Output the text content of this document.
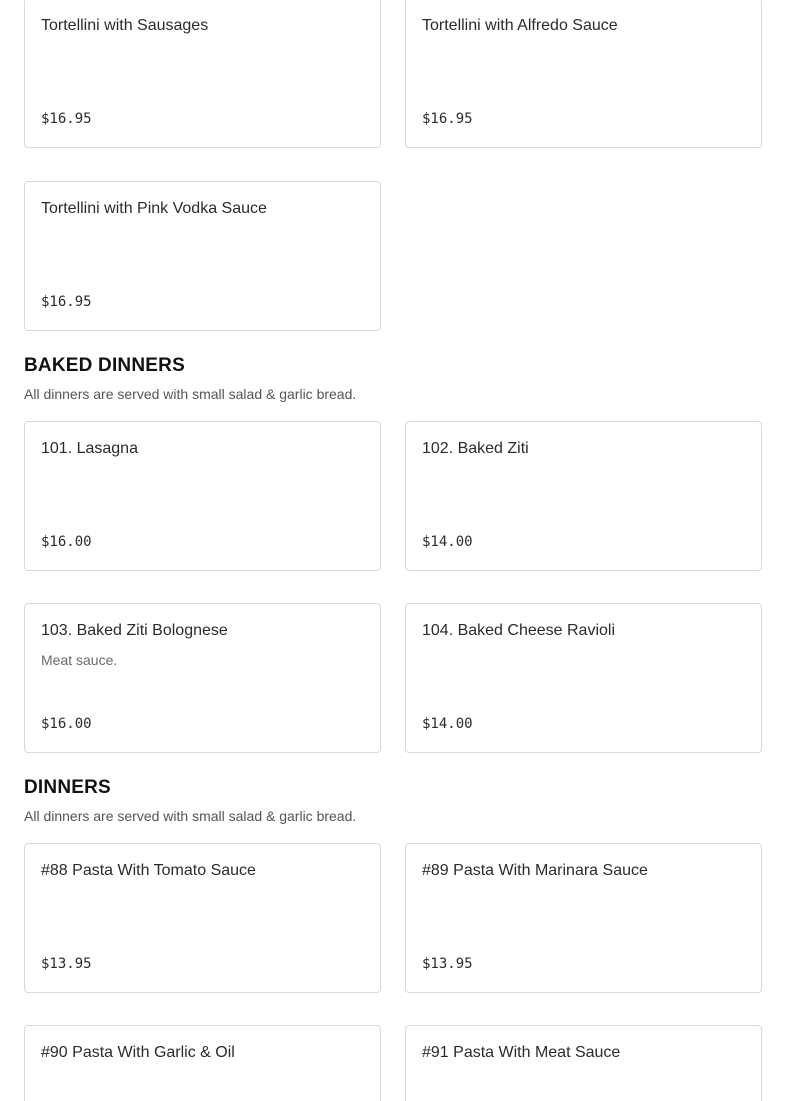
Tortellini with Sausages
$16.95
Tortellini with Alfredo Sauce
$16.95
Tortellini with Pink Vodka Sauce
$16.95
BAKED DINNERS

All dinners are served with small salad & garlic bread.

101. Lasagna
$16.00
102. Baked Ziti
$14.00
103. Baked Ziti Bolognese
Meat sauce.
$16.00
104. Baked Cheese Ravioli
$14.00
DINNERS

All dinners are served with small salad & garlic bread.

#88 Pasta With Tomato Sauce
$13.95
#89 Pasta With Marinara Sauce
$13.95
#90 Pasta With Garlic & Oil	#91 Pasta With Meat Sauce
